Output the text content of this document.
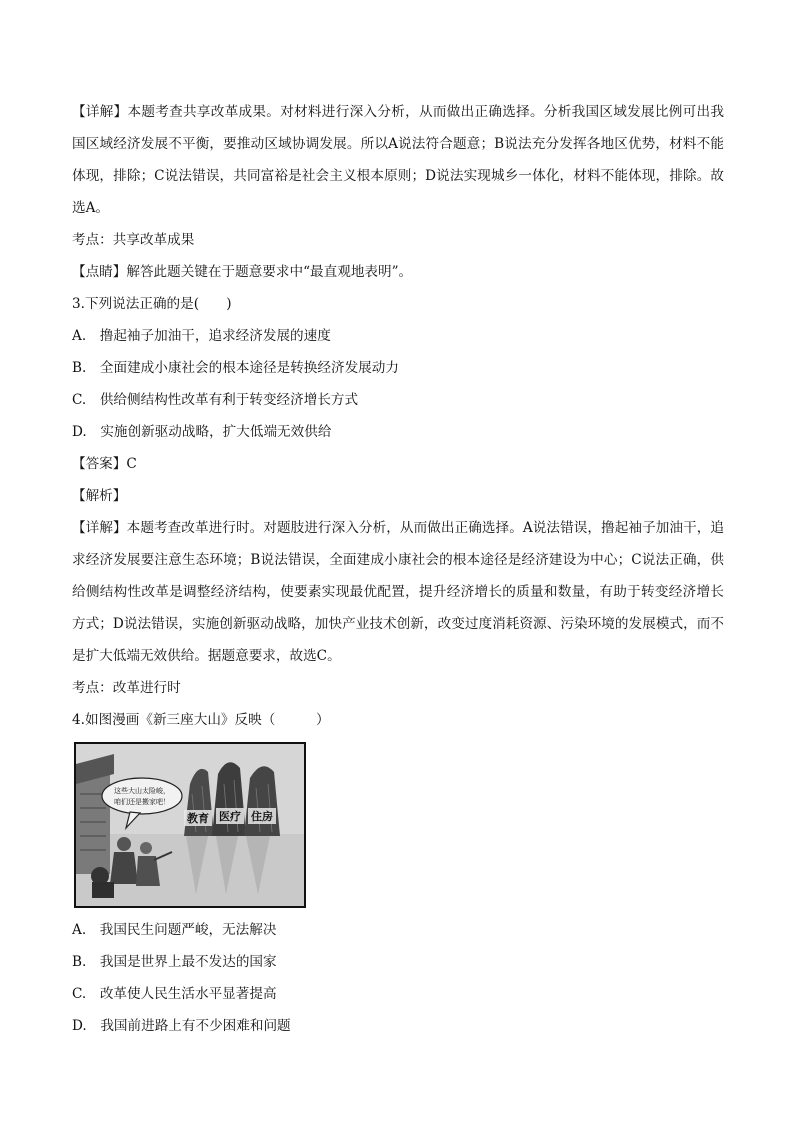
【详解】本题考查共享改革成果。对材料进行深入分析，从而做出正确选择。分析我国区域发展比例可出我国区域经济发展不平衡，要推动区域协调发展。所以A说法符合题意；B说法充分发挥各地区优势，材料不能体现，排除；C说法错误，共同富裕是社会主义根本原则；D说法实现城乡一体化，材料不能体现，排除。故选A。

考点：共享改革成果

【点睛】解答此题关键在于题意要求中“最直观地表明”。

3.下列说法正确的是(　　)

A.　撸起袖子加油干，追求经济发展的速度

B.　全面建成小康社会的根本途径是转换经济发展动力

C.　供给侧结构性改革有利于转变经济增长方式

D.　实施创新驱动战略，扩大低端无效供给

【答案】C

【解析】

【详解】本题考查改革进行时。对题肢进行深入分析，从而做出正确选择。A说法错误，撸起袖子加油干，追求经济发展要注意生态环境；B说法错误，全面建成小康社会的根本途径是经济建设为中心；C说法正确，供给侧结构性改革是调整经济结构，使要素实现最优配置，提升经济增长的质量和数量，有助于转变经济增长方式；D说法错误，实施创新驱动战略，加快产业技术创新，改变过度消耗资源、污染环境的发展模式，而不是扩大低端无效供给。据题意要求，故选C。

考点：改革进行时

4.如图漫画《新三座大山》反映（　　　）

教育 医疗 住房
这些大山太险峻，
咱们还是搬家吧！

A.　我国民生问题严峻，无法解决

B.　我国是世界上最不发达的国家

C.　改革使人民生活水平显著提高

D.　我国前进路上有不少困难和问题
